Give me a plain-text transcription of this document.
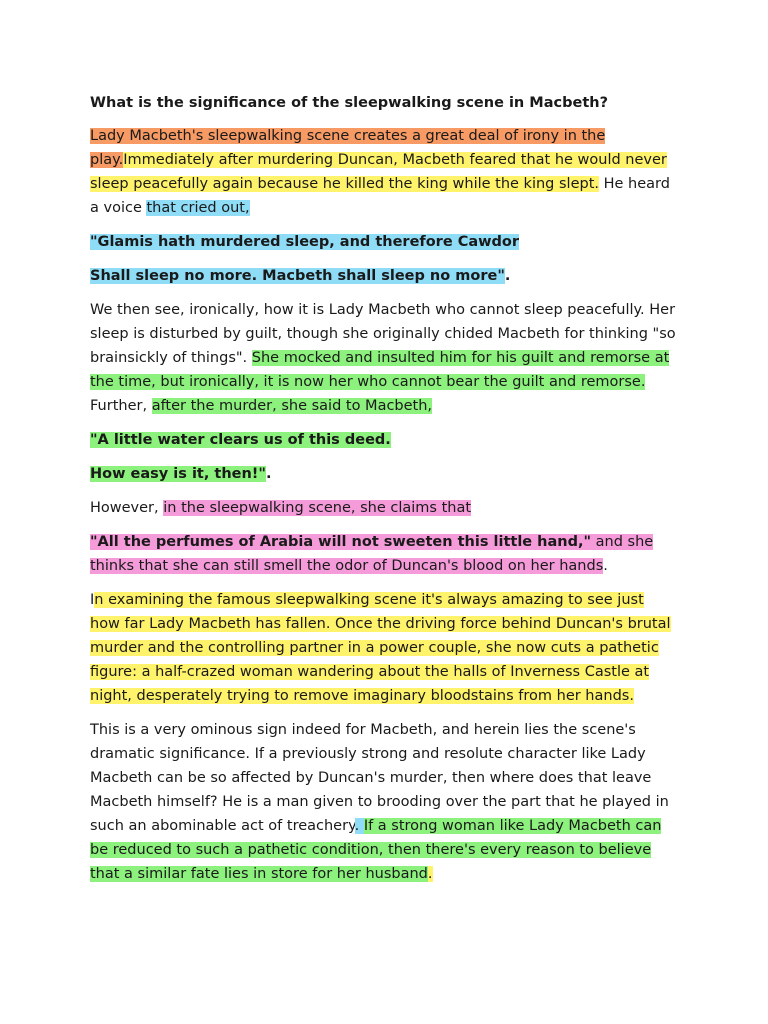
What is the significance of the sleepwalking scene in Macbeth?

Lady Macbeth's sleepwalking scene creates a great deal of irony in the play.Immediately after murdering Duncan, Macbeth feared that he would never sleep peacefully again because he killed the king while the king slept. He heard a voice that cried out,

"Glamis hath murdered sleep, and therefore Cawdor

Shall sleep no more. Macbeth shall sleep no more".

We then see, ironically, how it is Lady Macbeth who cannot sleep peacefully. Her sleep is disturbed by guilt, though she originally chided Macbeth for thinking "so brainsickly of things". She mocked and insulted him for his guilt and remorse at the time, but ironically, it is now her who cannot bear the guilt and remorse. Further, after the murder, she said to Macbeth,

"A little water clears us of this deed.

How easy is it, then!".

However, in the sleepwalking scene, she claims that

"All the perfumes of Arabia will not sweeten this little hand," and she thinks that she can still smell the odor of Duncan's blood on her hands.

In examining the famous sleepwalking scene it's always amazing to see just how far Lady Macbeth has fallen. Once the driving force behind Duncan's brutal murder and the controlling partner in a power couple, she now cuts a pathetic figure: a half-crazed woman wandering about the halls of Inverness Castle at night, desperately trying to remove imaginary bloodstains from her hands.

This is a very ominous sign indeed for Macbeth, and herein lies the scene's dramatic significance. If a previously strong and resolute character like Lady Macbeth can be so affected by Duncan's murder, then where does that leave Macbeth himself? He is a man given to brooding over the part that he played in such an abominable act of treachery. If a strong woman like Lady Macbeth can be reduced to such a pathetic condition, then there's every reason to believe that a similar fate lies in store for her husband.
